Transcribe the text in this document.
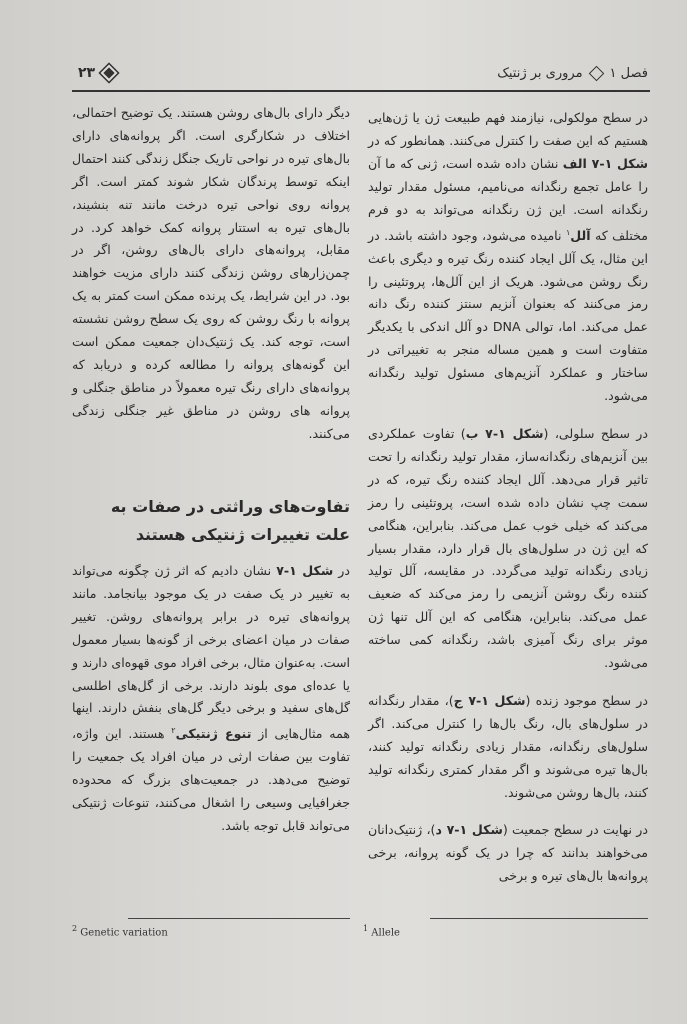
فصل ۱مروری بر ژنتیک
۲۳

در سطح مولکولی، نیازمند فهم طبیعت ژن یا ژن‌هایی هستیم که این صفت را کنترل می‌کنند. همانطور که در شکل ۱-۷ الف نشان داده شده است، ژنی که ما آن را عامل تجمع رنگدانه می‌نامیم، مسئول مقدار تولید رنگدانه است. این ژن رنگدانه می‌تواند به دو فرم مختلف که آلل$^۱$ نامیده می‌شود، وجود داشته باشد. در این مثال، یک آلل ایجاد کننده رنگ تیره و دیگری باعث رنگ روشن می‌شود. هریک از این آلل‌ها، پروتئینی را رمز می‌کنند که بعنوان آنزیم سنتز کننده رنگ دانه عمل می‌کند. اما، توالی DNA دو آلل اندکی با یکدیگر متفاوت است و همین مساله منجر به تغییراتی در ساختار و عملکرد آنزیم‌های مسئول تولید رنگدانه می‌شود.

در سطح سلولی، (شکل ۱-۷ ب) تفاوت عملکردی بین آنزیم‌های رنگدانه‌ساز، مقدار تولید رنگدانه را تحت تاثیر قرار می‌دهد. آلل ایجاد کننده رنگ تیره، که در سمت چپ نشان داده شده است، پروتئینی را رمز می‌کند که خیلی خوب عمل می‌کند. بنابراین، هنگامی که این ژن در سلول‌های بال قرار دارد، مقدار بسیار زیادی رنگدانه تولید می‌گردد. در مقایسه، آلل تولید کننده رنگ روشن آنزیمی را رمز می‌کند که ضعیف عمل می‌کند. بنابراین، هنگامی که این آلل تنها ژن موثر برای رنگ آمیزی باشد، رنگدانه کمی ساخته می‌شود.

در سطح موجود زنده (شکل ۱-۷ ج)، مقدار رنگدانه در سلول‌های بال، رنگ بال‌ها را کنترل می‌کند. اگر سلول‌های رنگدانه، مقدار زیادی رنگدانه تولید کنند، بال‌ها تیره می‌شوند و اگر مقدار کمتری رنگدانه تولید کنند، بال‌ها روشن می‌شوند.

در نهایت در سطح جمعیت (شکل ۱-۷ د)، ژنتیک‌دانان می‌خواهند بدانند که چرا در یک گونه پروانه، برخی پروانه‌ها بال‌های تیره و برخی

دیگر دارای بال‌های روشن هستند. یک توضیح احتمالی، اختلاف در شکارگری است. اگر پروانه‌های دارای بال‌های تیره در نواحی تاریک جنگل زندگی کنند احتمال اینکه توسط پرندگان شکار شوند کمتر است. اگر پروانه روی نواحی تیره درخت مانند تنه بنشیند، بال‌های تیره به استتار پروانه کمک خواهد کرد. در مقابل، پروانه‌های دارای بال‌های روشن، اگر در چمن‌زارهای روشن زندگی کنند دارای مزیت خواهند بود. در این شرایط، یک پرنده ممکن است کمتر به یک پروانه با رنگ روشن که روی یک سطح روشن نشسته است، توجه کند. یک ژنتیک‌دان جمعیت ممکن است این گونه‌های پروانه را مطالعه کرده و دریابد که پروانه‌های دارای رنگ تیره معمولاً در مناطق جنگلی و پروانه های روشن در مناطق غیر جنگلی زندگی می‌کنند.

تفاوت‌های وراثتی در صفات به علت تغییرات ژنتیکی هستند

در شکل ۱-۷ نشان دادیم که اثر ژن چگونه می‌تواند به تغییر در یک صفت در یک موجود بیانجامد. مانند پروانه‌های تیره در برابر پروانه‌های روشن. تغییر صفات در میان اعضای برخی از گونه‌ها بسیار معمول است. به‌عنوان مثال، برخی افراد موی قهوه‌ای دارند و یا عده‌ای موی بلوند دارند. برخی از گل‌های اطلسی گل‌های سفید و برخی دیگر گل‌های بنفش دارند. اینها همه مثال‌هایی از تنوع ژنتیکی$^۲$ هستند. این واژه، تفاوت بین صفات ارثی در میان افراد یک جمعیت را توضیح می‌دهد. در جمعیت‌های بزرگ که محدوده جغرافیایی وسیعی را اشغال می‌کنند، تنوعات ژنتیکی می‌تواند قابل توجه باشد.

$^1$ Allele
$^2$ Genetic variation
